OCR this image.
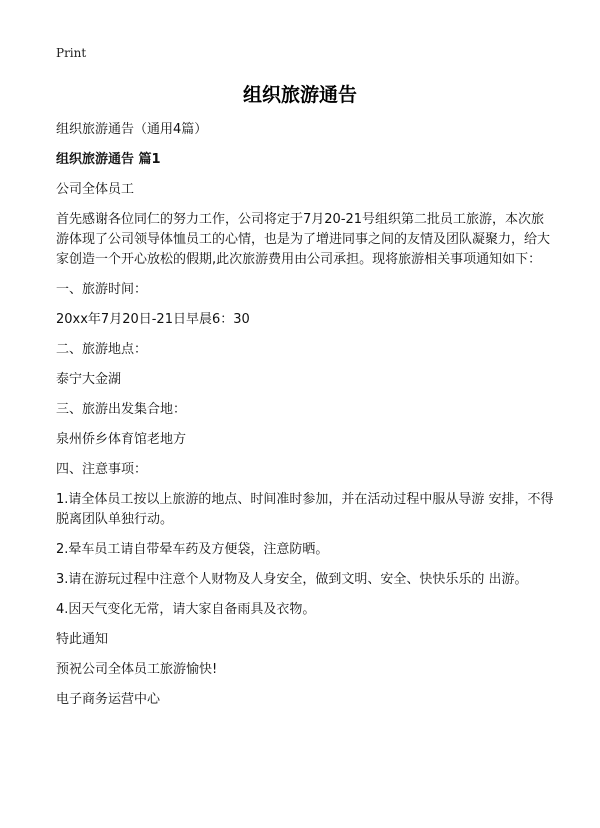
Print
组织旅游通告

组织旅游通告（通用4篇）

组织旅游通告 篇1

公司全体员工

首先感谢各位同仁的努力工作，公司将定于7月20-21号组织第二批员工旅游，本次旅游体现了公司领导体恤员工的心情，也是为了增进同事之间的友情及团队凝聚力，给大家创造一个开心放松的假期,此次旅游费用由公司承担。现将旅游相关事项通知如下：

一、旅游时间：

20xx年7月20日-21日早晨6：30

二、旅游地点：

泰宁大金湖

三、旅游出发集合地：

泉州侨乡体育馆老地方

四、注意事项：

1.请全体员工按以上旅游的地点、时间准时参加，并在活动过程中服从导游 安排，不得脱离团队单独行动。

2.晕车员工请自带晕车药及方便袋，注意防晒。

3.请在游玩过程中注意个人财物及人身安全，做到文明、安全、快快乐乐的 出游。

4.因天气变化无常，请大家自备雨具及衣物。

特此通知

预祝公司全体员工旅游愉快!

电子商务运营中心
